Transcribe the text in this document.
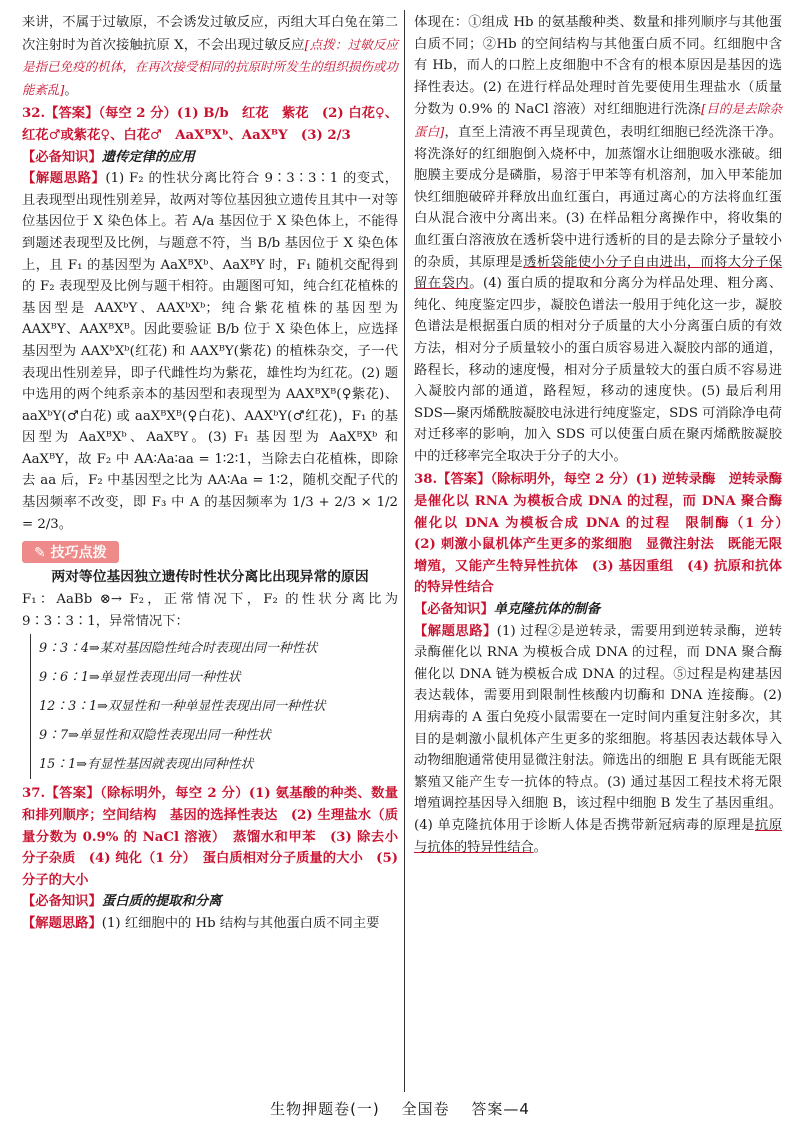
来讲，不属于过敏原，不会诱发过敏反应，丙组大耳白兔在第二次注射时为首次接触抗原 X，不会出现过敏反应[点拨：过敏反应是指已免疫的机体，在再次接受相同的抗原时所发生的组织损伤或功能紊乱]。

32.【答案】（每空 2 分）(1) B/b　红花　紫花　(2) 白花♀、红花♂或紫花♀、白花♂　AaXᴮXᵇ、AaXᴮY　(3) 2/3

【必备知识】遗传定律的应用

【解题思路】(1) F₂ 的性状分离比符合 9∶3∶3∶1 的变式，且表现型出现性别差异，故两对等位基因独立遗传且其中一对等位基因位于 X 染色体上。若 A/a 基因位于 X 染色体上，不能得到题述表现型及比例，与题意不符，当 B/b 基因位于 X 染色体上，且 F₁ 的基因型为 AaXᴮXᵇ、AaXᴮY 时，F₁ 随机交配得到的 F₂ 表现型及比例与题干相符。由题图可知，纯合红花植株的基因型是 AAXᵇY、AAXᵇXᵇ；纯合紫花植株的基因型为 AAXᴮY、AAXᴮXᴮ。因此要验证 B/b 位于 X 染色体上，应选择基因型为 AAXᵇXᵇ(红花) 和 AAXᴮY(紫花) 的植株杂交，子一代表现出性别差异，即子代雌性均为紫花，雄性均为红花。(2) 题中选用的两个纯系亲本的基因型和表现型为 AAXᴮXᴮ(♀紫花)、aaXᵇY(♂白花) 或 aaXᴮXᴮ(♀白花)、AAXᵇY(♂红花)，F₁ 的基因型为 AaXᴮXᵇ、AaXᴮY。(3) F₁ 基因型为 AaXᴮXᵇ 和 AaXᴮY，故 F₂ 中 AA∶Aa∶aa = 1∶2∶1，当除去白花植株，即除去 aa 后，F₂ 中基因型之比为 AA∶Aa = 1∶2，随机交配子代的基因频率不改变，即 F₃ 中 A 的基因频率为 1/3 + 2/3 × 1/2 = 2/3。

✎ 技巧点拨
两对等位基因独立遗传时性状分离比出现异常的原因

F₁：AaBb ⊗→ F₂，正常情况下，F₂ 的性状分离比为 9∶3∶3∶1，异常情况下：

9∶3∶4⇒某对基因隐性纯合时表现出同一种性状

9∶6∶1⇒单显性表现出同一种性状

12∶3∶1⇒双显性和一种单显性表现出同一种性状

9∶7⇒单显性和双隐性表现出同一种性状

15∶1⇒有显性基因就表现出同种性状

37.【答案】（除标明外，每空 2 分）(1) 氨基酸的种类、数量和排列顺序；空间结构　基因的选择性表达　(2) 生理盐水（质量分数为 0.9% 的 NaCl 溶液）　蒸馏水和甲苯　(3) 除去小分子杂质　(4) 纯化（1 分）　蛋白质相对分子质量的大小　(5) 分子的大小

【必备知识】蛋白质的提取和分离

【解题思路】(1) 红细胞中的 Hb 结构与其他蛋白质不同主要

体现在：①组成 Hb 的氨基酸种类、数量和排列顺序与其他蛋白质不同；②Hb 的空间结构与其他蛋白质不同。红细胞中含有 Hb，而人的口腔上皮细胞中不含有的根本原因是基因的选择性表达。(2) 在进行样品处理时首先要使用生理盐水（质量分数为 0.9% 的 NaCl 溶液）对红细胞进行洗涤[目的是去除杂蛋白]，直至上清液不再呈现黄色，表明红细胞已经洗涤干净。将洗涤好的红细胞倒入烧杯中，加蒸馏水让细胞吸水涨破。细胞膜主要成分是磷脂，易溶于甲苯等有机溶剂，加入甲苯能加快红细胞破碎并释放出血红蛋白，再通过离心的方法将血红蛋白从混合液中分离出来。(3) 在样品粗分离操作中，将收集的血红蛋白溶液放在透析袋中进行透析的目的是去除分子量较小的杂质，其原理是透析袋能使小分子自由进出，而将大分子保留在袋内。(4) 蛋白质的提取和分离分为样品处理、粗分离、纯化、纯度鉴定四步，凝胶色谱法一般用于纯化这一步，凝胶色谱法是根据蛋白质的相对分子质量的大小分离蛋白质的有效方法，相对分子质量较小的蛋白质容易进入凝胶内部的通道，路程长，移动的速度慢，相对分子质量较大的蛋白质不容易进入凝胶内部的通道，路程短，移动的速度快。(5) 最后利用 SDS—聚丙烯酰胺凝胶电泳进行纯度鉴定，SDS 可消除净电荷对迁移率的影响，加入 SDS 可以使蛋白质在聚丙烯酰胺凝胶中的迁移率完全取决于分子的大小。

38.【答案】（除标明外，每空 2 分）(1) 逆转录酶　逆转录酶是催化以 RNA 为模板合成 DNA 的过程，而 DNA 聚合酶催化以 DNA 为模板合成 DNA 的过程　限制酶（1 分）　(2) 刺激小鼠机体产生更多的浆细胞　显微注射法　既能无限增殖，又能产生特异性抗体　(3) 基因重组　(4) 抗原和抗体的特异性结合

【必备知识】单克隆抗体的制备

【解题思路】(1) 过程②是逆转录，需要用到逆转录酶，逆转录酶催化以 RNA 为模板合成 DNA 的过程，而 DNA 聚合酶催化以 DNA 链为模板合成 DNA 的过程。⑤过程是构建基因表达载体，需要用到限制性核酸内切酶和 DNA 连接酶。(2) 用病毒的 A 蛋白免疫小鼠需要在一定时间内重复注射多次，其目的是刺激小鼠机体产生更多的浆细胞。将基因表达载体导入动物细胞通常使用显微注射法。筛选出的细胞 E 具有既能无限繁殖又能产生专一抗体的特点。(3) 通过基因工程技术将无限增殖调控基因导入细胞 B，该过程中细胞 B 发生了基因重组。(4) 单克隆抗体用于诊断人体是否携带新冠病毒的原理是抗原与抗体的特异性结合。

生物押题卷(一) 全国卷 答案—4
